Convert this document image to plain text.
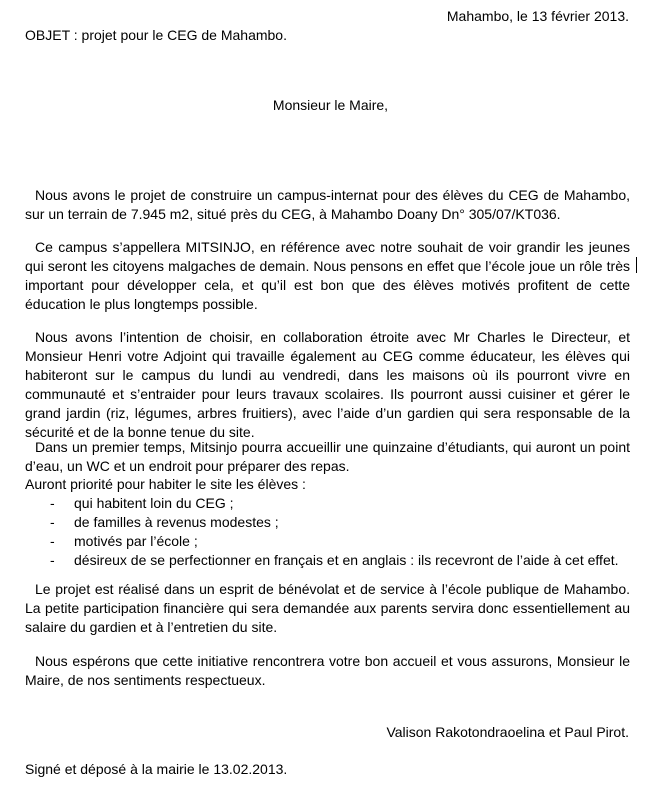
Mahambo, le 13 février 2013.

OBJET : projet pour le CEG de Mahambo.

Monsieur le Maire,

Nous avons le projet de construire un campus-internat pour des élèves du CEG de Mahambo, sur un terrain de 7.945 m2, situé près du CEG, à Mahambo Doany Dn° 305/07/KT036.

Ce campus s’appellera MITSINJO, en référence avec notre souhait de voir grandir les jeunes qui seront les citoyens malgaches de demain. Nous pensons en effet que l’école joue un rôle très important pour développer cela, et qu’il est bon que des élèves motivés profitent de cette éducation le plus longtemps possible.

Nous avons l’intention de choisir, en collaboration étroite avec Mr Charles le Directeur, et Monsieur Henri votre Adjoint qui travaille également au CEG comme éducateur, les élèves qui habiteront sur le campus du lundi au vendredi, dans les maisons où ils pourront vivre en communauté et s’entraider pour leurs travaux scolaires. Ils pourront aussi cuisiner et gérer le grand jardin (riz, légumes, arbres fruitiers), avec l’aide d’un gardien qui sera responsable de la sécurité et de la bonne tenue du site.

Dans un premier temps, Mitsinjo pourra accueillir une quinzaine d’étudiants, qui auront un point d’eau, un WC et un endroit pour préparer des repas.

Auront priorité pour habiter le site les élèves :

- qui habitent loin du CEG ;
- de familles à revenus modestes ;
- motivés par l’école ;
- désireux de se perfectionner en français et en anglais : ils recevront de l’aide à cet effet.

Le projet est réalisé dans un esprit de bénévolat et de service à l’école publique de Mahambo. La petite participation financière qui sera demandée aux parents servira donc essentiellement au salaire du gardien et à l’entretien du site.

Nous espérons que cette initiative rencontrera votre bon accueil et vous assurons, Monsieur le Maire, de nos sentiments respectueux.

Valison Rakotondraoelina et Paul Pirot.

Signé et déposé à la mairie le 13.02.2013.
